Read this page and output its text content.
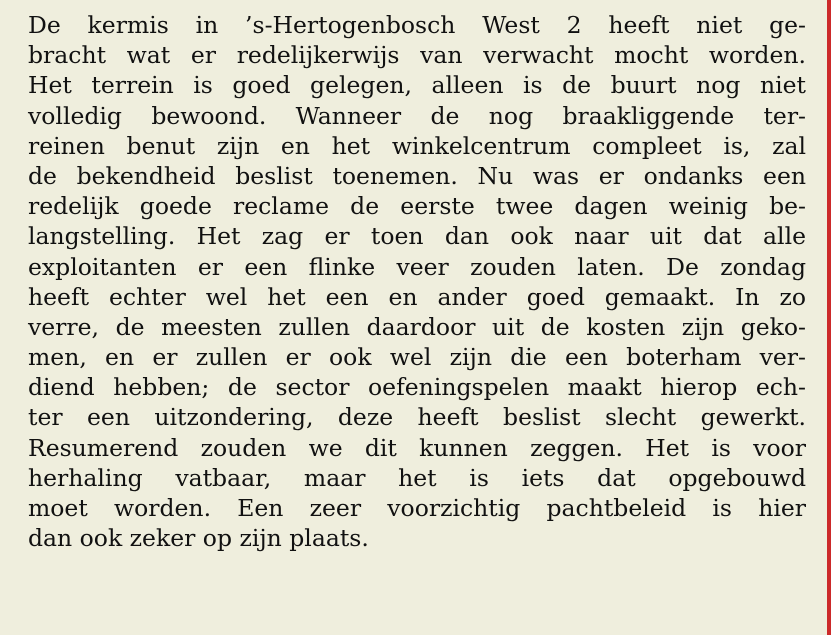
De kermis in ’s-Hertogenbosch West 2 heeft niet ge-
bracht wat er redelijkerwijs van verwacht mocht worden.
Het terrein is goed gelegen, alleen is de buurt nog niet
volledig bewoond. Wanneer de nog braakliggende ter-
reinen benut zijn en het winkelcentrum compleet is, zal
de bekendheid beslist toenemen. Nu was er ondanks een
redelijk goede reclame de eerste twee dagen weinig be-
langstelling. Het zag er toen dan ook naar uit dat alle
exploitanten er een flinke veer zouden laten. De zondag
heeft echter wel het een en ander goed gemaakt. In zo
verre, de meesten zullen daardoor uit de kosten zijn geko-
men, en er zullen er ook wel zijn die een boterham ver-
diend hebben; de sector oefeningspelen maakt hierop ech-
ter een uitzondering, deze heeft beslist slecht gewerkt.
Resumerend zouden we dit kunnen zeggen. Het is voor
herhaling vatbaar, maar het is iets dat opgebouwd
moet worden. Een zeer voorzichtig pachtbeleid is hier
dan ook zeker op zijn plaats.
